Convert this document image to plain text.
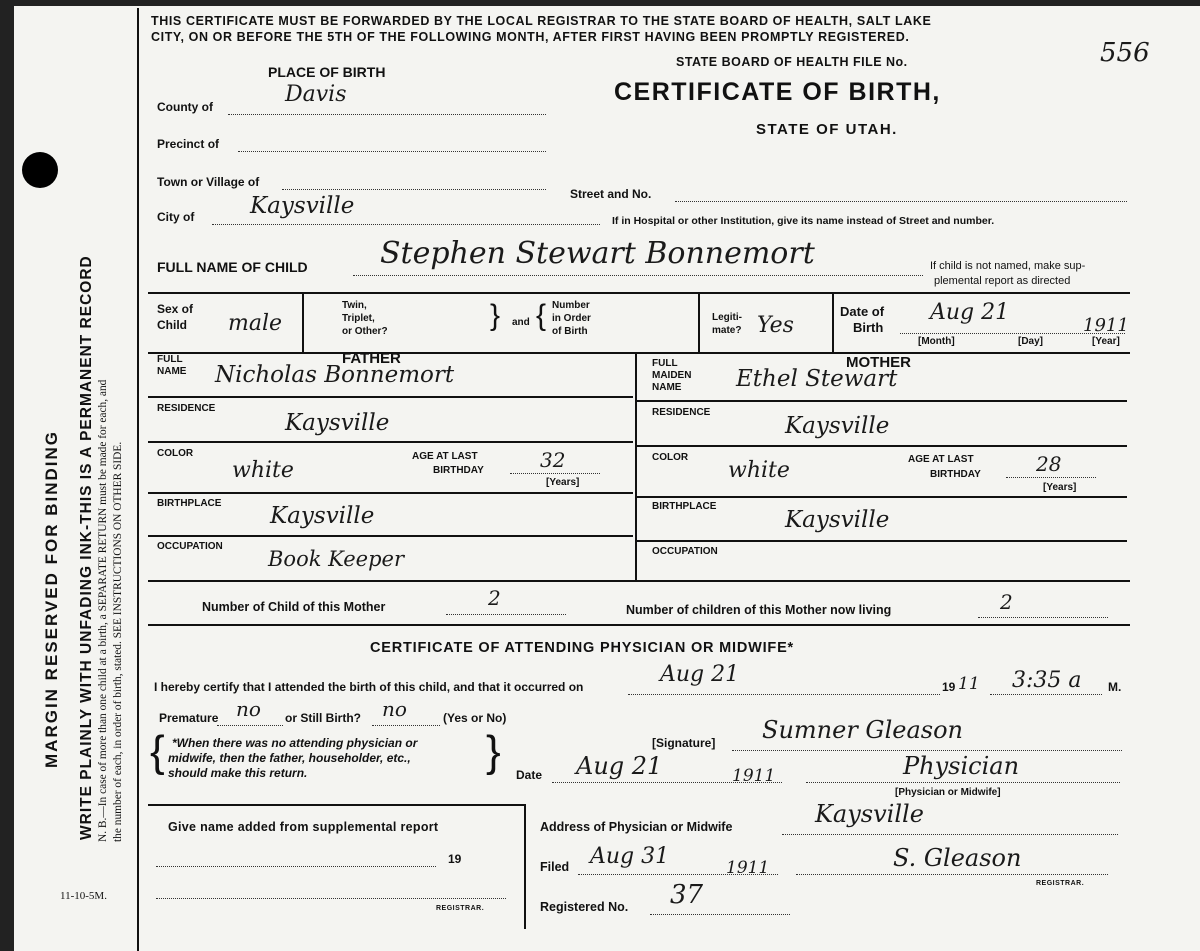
MARGIN RESERVED FOR BINDING WRITE PLAINLY WITH UNFADING INK-THIS IS A PERMANENT RECORD N. B.—In case of more than one child at a birth, a SEPARATE RETURN must be made for each, and the number of each, in order of birth, stated. SEE INSTRUCTIONS ON OTHER SIDE.
11-10-5M.
THIS CERTIFICATE MUST BE FORWARDED BY THE LOCAL REGISTRAR TO THE STATE BOARD OF HEALTH, SALT LAKE
CITY, ON OR BEFORE THE 5TH OF THE FOLLOWING MONTH, AFTER FIRST HAVING BEEN PROMPTLY REGISTERED.
STATE BOARD OF HEALTH FILE No.	556
CERTIFICATE OF BIRTH,
STATE OF UTAH.
PLACE OF BIRTH
County of	Davis
Precinct of
Town or Village of
Street and No.
City of Kaysville
If in Hospital or other Institution, give its name instead of Street and number.
FULL NAME OF CHILD Stephen Stewart Bonnemort	If child is not named, make sup-
plemental report as directed
Sex of
Child male
Twin,
Triplet,
or Other?	} and { Number
in Order
of Birth
Legiti-
mate? Yes
Date of
Birth
Aug 21
1911
[Month]	[Day]	[Year]
FATHER
FULL
NAME Nicholas Bonnemort
RESIDENCE
Kaysville
COLOR
white
AGE AT LAST
BIRTHDAY	32
[Years]
BIRTHPLACE Kaysville
OCCUPATION
Book Keeper
MOTHER
FULL
MAIDEN
NAME Ethel Stewart
RESIDENCE
Kaysville
COLOR
white	AGE AT LAST
BIRTHDAY	28
[Years]
BIRTHPLACE
Kaysville
OCCUPATION
Number of Child of this Mother	2	Number of children of this Mother now living	2
CERTIFICATE OF ATTENDING PHYSICIAN OR MIDWIFE*
I hereby certify that I attended the birth of this child, and that it occurred on	Aug 21	19 11 3:35 a M.
Premature no or Still Birth? no	(Yes or No)
{ *When there was no attending physician or
midwife, then the father, householder, etc.,
should make this return.	}	[Signature] Sumner Gleason
Date Aug 21	1911	Physician
[Physician or Midwife]
Give name added from supplemental report
19
REGISTRAR.
Address of Physician or Midwife	Kaysville
Filed Aug 31	1911	S. Gleason
REGISTRAR.
Registered No. 37
